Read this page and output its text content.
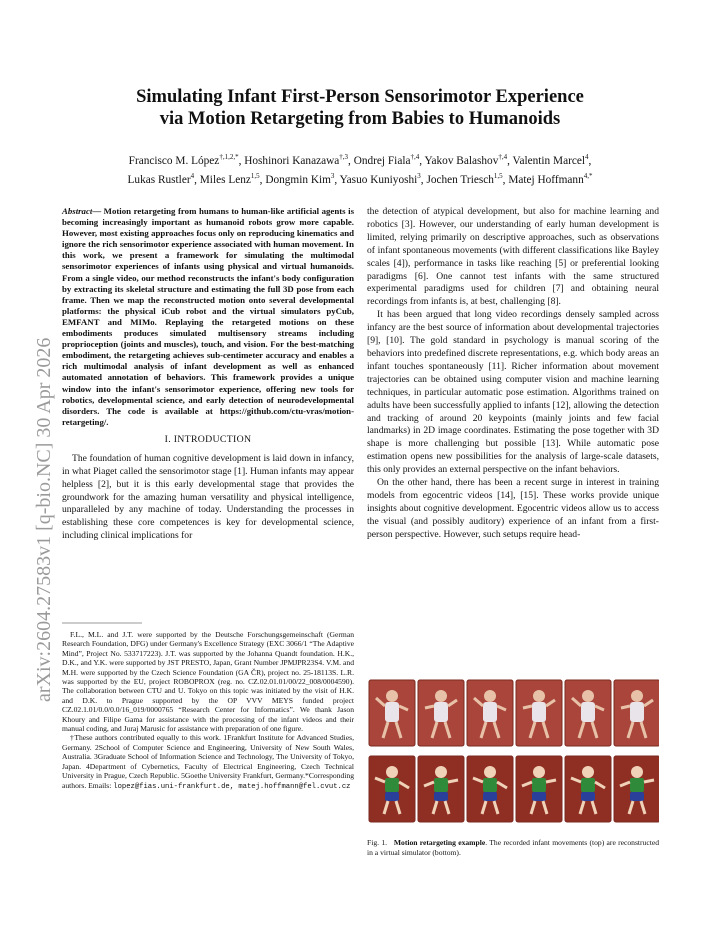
arXiv:2604.27583v1 [q-bio.NC] 30 Apr 2026
Simulating Infant First-Person Sensorimotor Experience
via Motion Retargeting from Babies to Humanoids
Francisco M. López$^{\dagger,1,2,*}$, Hoshinori Kanazawa$^{\dagger,3}$, Ondrej Fiala$^{\dagger,4}$, Yakov Balashov$^{\dagger,4}$, Valentin Marcel$^4$,
Lukas Rustler$^4$, Miles Lenz$^{1,5}$, Dongmin Kim$^3$, Yasuo Kuniyoshi$^3$, Jochen Triesch$^{1,5}$, Matej Hoffmann$^{4,*}$

Abstract— Motion retargeting from humans to human-like artificial agents is becoming increasingly important as humanoid robots grow more capable. However, most existing approaches focus only on reproducing kinematics and ignore the rich sensorimotor experience associated with human movement. In this work, we present a framework for simulating the multimodal sensorimotor experiences of infants using physical and virtual humanoids. From a single video, our method reconstructs the infant's body configuration by extracting its skeletal structure and estimating the full 3D pose from each frame. Then we map the reconstructed motion onto several developmental platforms: the physical iCub robot and the virtual simulators pyCub, EMFANT and MIMo. Replaying the retargeted motions on these embodiments produces simulated multisensory streams including proprioception (joints and muscles), touch, and vision. For the best-matching embodiment, the retargeting achieves sub-centimeter accuracy and enables a rich multimodal analysis of infant development as well as enhanced automated annotation of behaviors. This framework provides a unique window into the infant's sensorimotor experience, offering new tools for robotics, developmental science, and early detection of neurodevelopmental disorders. The code is available at https://github.com/ctu-vras/motion-retargeting/.

I. INTRODUCTION

The foundation of human cognitive development is laid down in infancy, in what Piaget called the sensorimotor stage [1]. Human infants may appear helpless [2], but it is this early developmental stage that provides the groundwork for the amazing human versatility and physical intelligence, unparalleled by any machine of today. Understanding the processes in establishing these core competences is key for developmental science, including clinical implications for

F.L., M.L. and J.T. were supported by the Deutsche Forschungsgemeinschaft (German Research Foundation, DFG) under Germany's Excellence Strategy (EXC 3066/1 “The Adaptive Mind”, Project No. 533717223). J.T. was supported by the Johanna Quandt foundation. H.K., D.K., and Y.K. were supported by JST PRESTO, Japan, Grant Number JPMJPR23S4. V.M. and M.H. were supported by the Czech Science Foundation (GA ČR), project no. 25-18113S. L.R. was supported by the EU, project ROBOPROX (reg. no. CZ.02.01.01/00/22_008/0004590). The collaboration between CTU and U. Tokyo on this topic was initiated by the visit of H.K. and D.K. to Prague supported by the OP VVV MEYS funded project CZ.02.1.01/0.0/0.0/16_019/0000765 “Research Center for Informatics”. We thank Jason Khoury and Filipe Gama for assistance with the processing of the infant videos and their manual coding, and Juraj Marusic for assistance with preparation of one figure.

†These authors contributed equally to this work. 1Frankfurt Institute for Advanced Studies, Germany. 2School of Computer Science and Engineering, University of New South Wales, Australia. 3Graduate School of Information Science and Technology, The University of Tokyo, Japan. 4Department of Cybernetics, Faculty of Electrical Engineering, Czech Technical University in Prague, Czech Republic. 5Goethe University Frankfurt, Germany.*Corresponding authors. Emails: lopez@fias.uni-frankfurt.de, matej.hoffmann@fel.cvut.cz

the detection of atypical development, but also for machine learning and robotics [3]. However, our understanding of early human development is limited, relying primarily on descriptive approaches, such as observations of infant spontaneous movements (with different classifications like Bayley scales [4]), performance in tasks like reaching [5] or preferential looking paradigms [6]. One cannot test infants with the same structured experimental paradigms used for children [7] and obtaining neural recordings from infants is, at best, challenging [8].

It has been argued that long video recordings densely sampled across infancy are the best source of information about developmental trajectories [9], [10]. The gold standard in psychology is manual scoring of the behaviors into predefined discrete representations, e.g. which body areas an infant touches spontaneously [11]. Richer information about movement trajectories can be obtained using computer vision and machine learning techniques, in particular automatic pose estimation. Algorithms trained on adults have been successfully applied to infants [12], allowing the detection and tracking of around 20 keypoints (mainly joints and few facial landmarks) in 2D image coordinates. Estimating the pose together with 3D shape is more challenging but possible [13]. While automatic pose estimation opens new possibilities for the analysis of large-scale datasets, this only provides an external perspective on the infant behaviors.

On the other hand, there has been a recent surge in interest in training models from egocentric videos [14], [15]. These works provide unique insights about cognitive development. Egocentric videos allow us to access the visual (and possibly auditory) experience of an infant from a first-person perspective. However, such setups require head-

Fig. 1. Motion retargeting example. The recorded infant movements (top) are reconstructed in a virtual simulator (bottom).
